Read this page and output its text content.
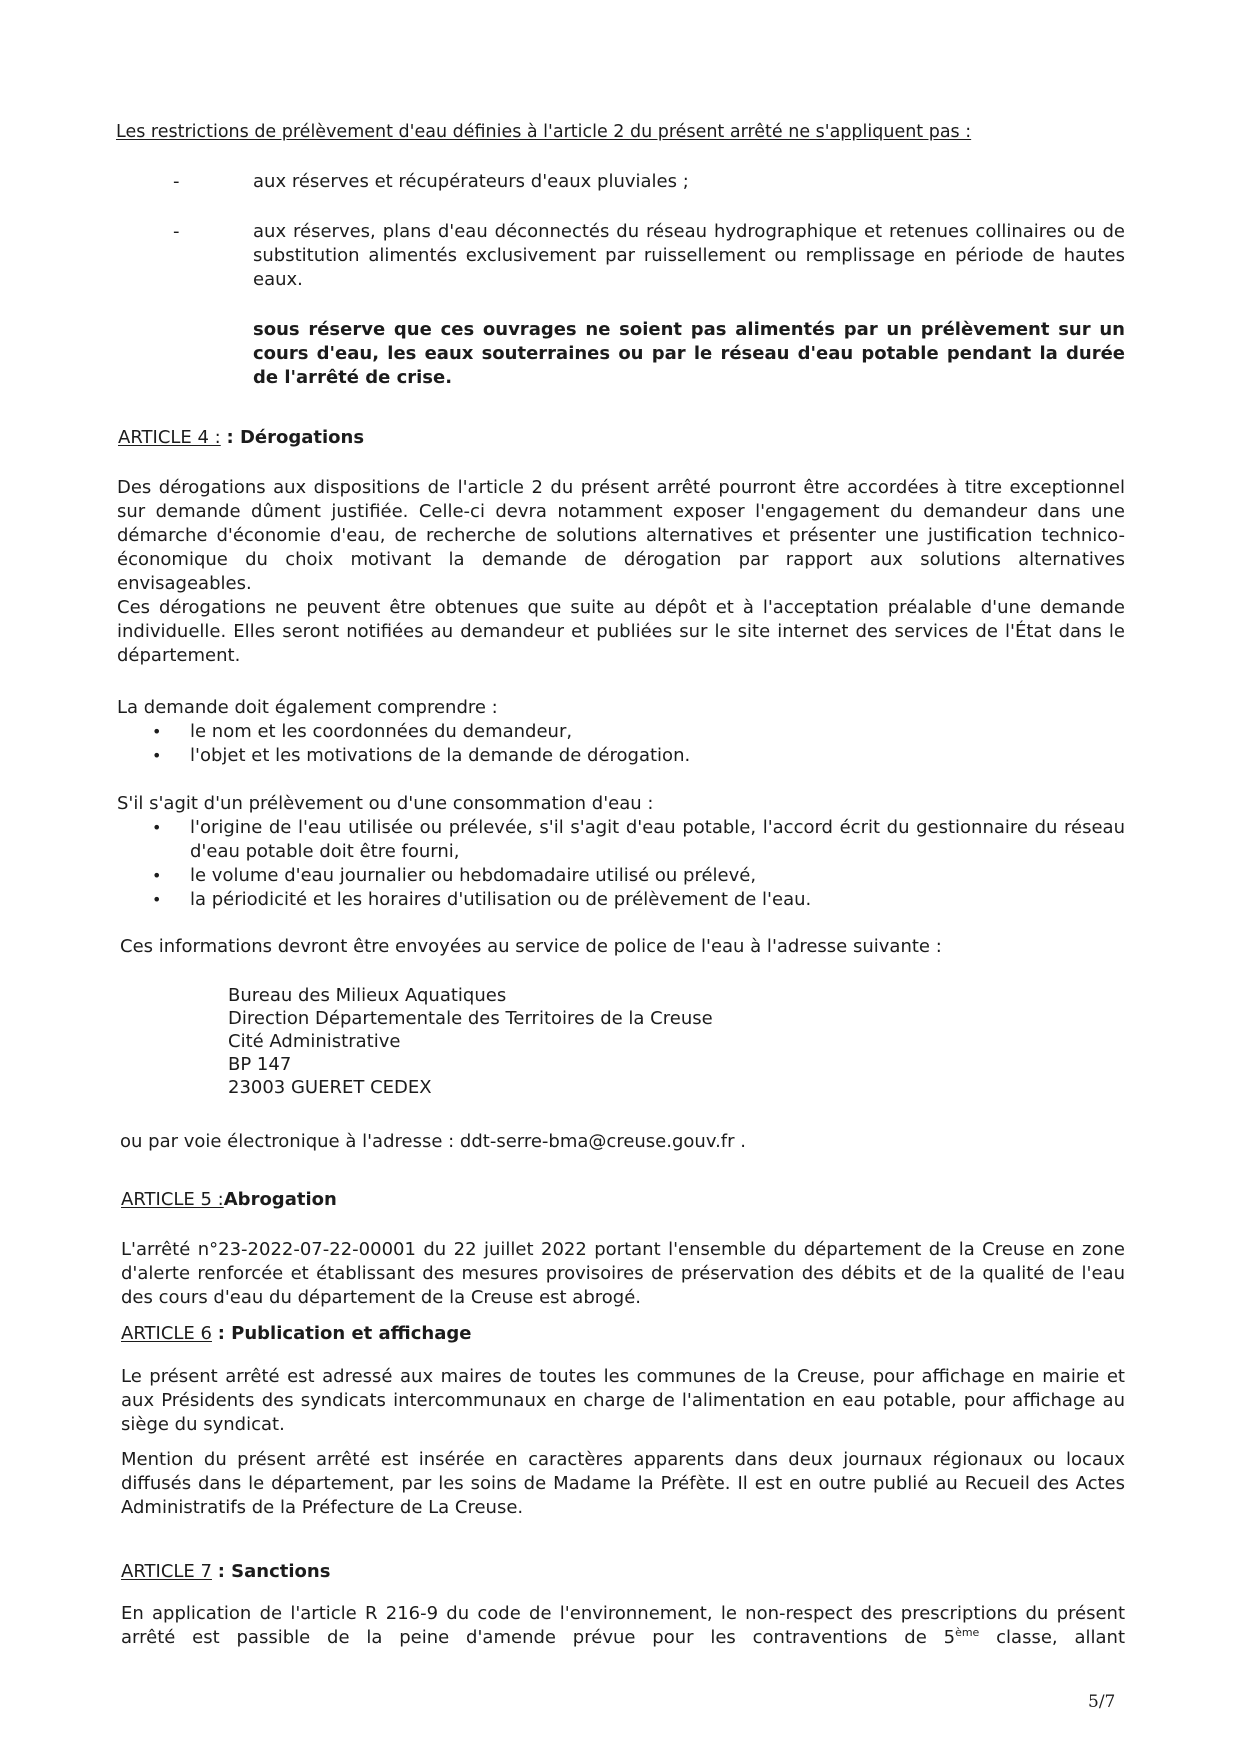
Les restrictions de prélèvement d'eau définies à l'article 2 du présent arrêté ne s'appliquent pas :

-	aux réserves et récupérateurs d'eaux pluviales ;

-	aux réserves, plans d'eau déconnectés du réseau hydrographique et retenues collinaires ou de substitution alimentés exclusivement par ruissellement ou remplissage en période de hautes eaux.

sous réserve que ces ouvrages ne soient pas alimentés par un prélèvement sur un cours d'eau, les eaux souterraines ou par le réseau d'eau potable pendant la durée de l'arrêté de crise.

ARTICLE 4 : : Dérogations

Des dérogations aux dispositions de l'article 2 du présent arrêté pourront être accordées à titre exceptionnel sur demande dûment justifiée. Celle-ci devra notamment exposer l'engagement du demandeur dans une démarche d'économie d'eau, de recherche de solutions alternatives et présenter une justification technico-économique du choix motivant la demande de dérogation par rapport aux solutions alternatives envisageables.

Ces dérogations ne peuvent être obtenues que suite au dépôt et à l'acceptation préalable d'une demande individuelle. Elles seront notifiées au demandeur et publiées sur le site internet des services de l'État dans le département.

La demande doit également comprendre :

• le nom et les coordonnées du demandeur,

• l'objet et les motivations de la demande de dérogation.

S'il s'agit d'un prélèvement ou d'une consommation d'eau :

• l'origine de l'eau utilisée ou prélevée, s'il s'agit d'eau potable, l'accord écrit du gestionnaire du réseau d'eau potable doit être fourni,

• le volume d'eau journalier ou hebdomadaire utilisé ou prélevé,

• la périodicité et les horaires d'utilisation ou de prélèvement de l'eau.

Ces informations devront être envoyées au service de police de l'eau à l'adresse suivante :

Bureau des Milieux Aquatiques
Direction Départementale des Territoires de la Creuse
Cité Administrative
BP 147
23003 GUERET CEDEX

ou par voie électronique à l'adresse : ddt-serre-bma@creuse.gouv.fr .

ARTICLE 5 :Abrogation

L'arrêté n°23-2022-07-22-00001 du 22 juillet 2022 portant l'ensemble du département de la Creuse en zone d'alerte renforcée et établissant des mesures provisoires de préservation des débits et de la qualité de l'eau des cours d'eau du département de la Creuse est abrogé.

ARTICLE 6 : Publication et affichage

Le présent arrêté est adressé aux maires de toutes les communes de la Creuse, pour affichage en mairie et aux Présidents des syndicats intercommunaux en charge de l'alimentation en eau potable, pour affichage au siège du syndicat.

Mention du présent arrêté est insérée en caractères apparents dans deux journaux régionaux ou locaux diffusés dans le département, par les soins de Madame la Préfète. Il est en outre publié au Recueil des Actes Administratifs de la Préfecture de La Creuse.

ARTICLE 7 : Sanctions

En application de l'article R 216-9 du code de l'environnement, le non-respect des prescriptions du présent arrêté est passible de la peine d'amende prévue pour les contraventions de 5ème classe, allant

5/7
